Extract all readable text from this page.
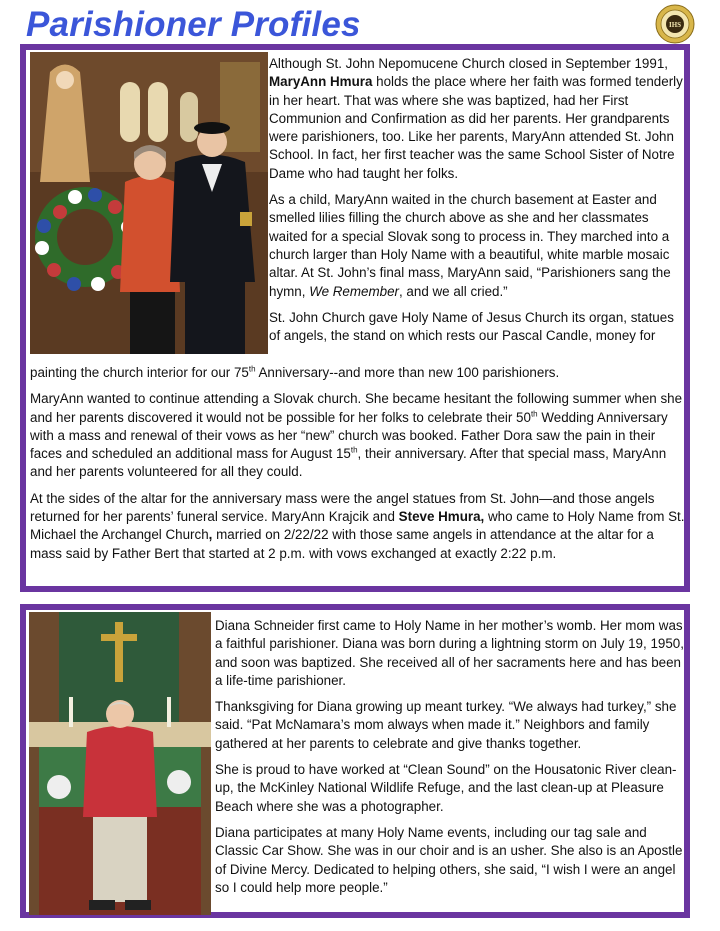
Parishioner Profiles	IHS

Although St. John Nepomucene Church closed in September 1991, MaryAnn Hmura holds the place where her faith was formed tenderly in her heart. That was where she was baptized, had her First Communion and Confirmation as did her parents. Her grandparents were parishioners, too. Like her parents, MaryAnn attended St. John School. In fact, her first teacher was the same School Sister of Notre Dame who had taught her folks.

As a child, MaryAnn waited in the church basement at Easter and smelled lilies filling the church above as she and her classmates waited for a special Slovak song to process in. They marched into a church larger than Holy Name with a beautiful, white marble mosaic altar. At St. John’s final mass, MaryAnn said, “Parishioners sang the hymn, We Remember, and we all cried.”

St. John Church gave Holy Name of Jesus Church its organ, statues of angels, the stand on which rests our Pascal Candle, money for

painting the church interior for our 75th Anniversary--and more than new 100 parishioners.

MaryAnn wanted to continue attending a Slovak church. She became hesitant the following summer when she and her parents discovered it would not be possible for her folks to celebrate their 50th Wedding Anniversary with a mass and renewal of their vows as her “new” church was booked. Father Dora saw the pain in their faces and scheduled an additional mass for August 15th, their anniversary. After that special mass, MaryAnn and her parents volunteered for all they could.

At the sides of the altar for the anniversary mass were the angel statues from St. John—and those angels returned for her parents’ funeral service. MaryAnn Krajcik and Steve Hmura, who came to Holy Name from St. Michael the Archangel Church, married on 2/22/22 with those same angels in attendance at the altar for a mass said by Father Bert that started at 2 p.m. with vows exchanged at exactly 2:22 p.m.

Diana Schneider first came to Holy Name in her mother’s womb. Her mom was a faithful parishioner. Diana was born during a lightning storm on July 19, 1950, and soon was baptized. She received all of her sacraments here and has been a life-time parishioner.

Thanksgiving for Diana growing up meant turkey. “We always had turkey,” she said. “Pat McNamara’s mom always when made it.” Neighbors and family gathered at her parents to celebrate and give thanks together.

She is proud to have worked at “Clean Sound” on the Housatonic River clean-up, the McKinley National Wildlife Refuge, and the last clean-up at Pleasure Beach where she was a photographer.

Diana participates at many Holy Name events, including our tag sale and Classic Car Show. She was in our choir and is an usher. She also is an Apostle of Divine Mercy. Dedicated to helping others, she said, “I wish I were an angel so I could help more people.”
